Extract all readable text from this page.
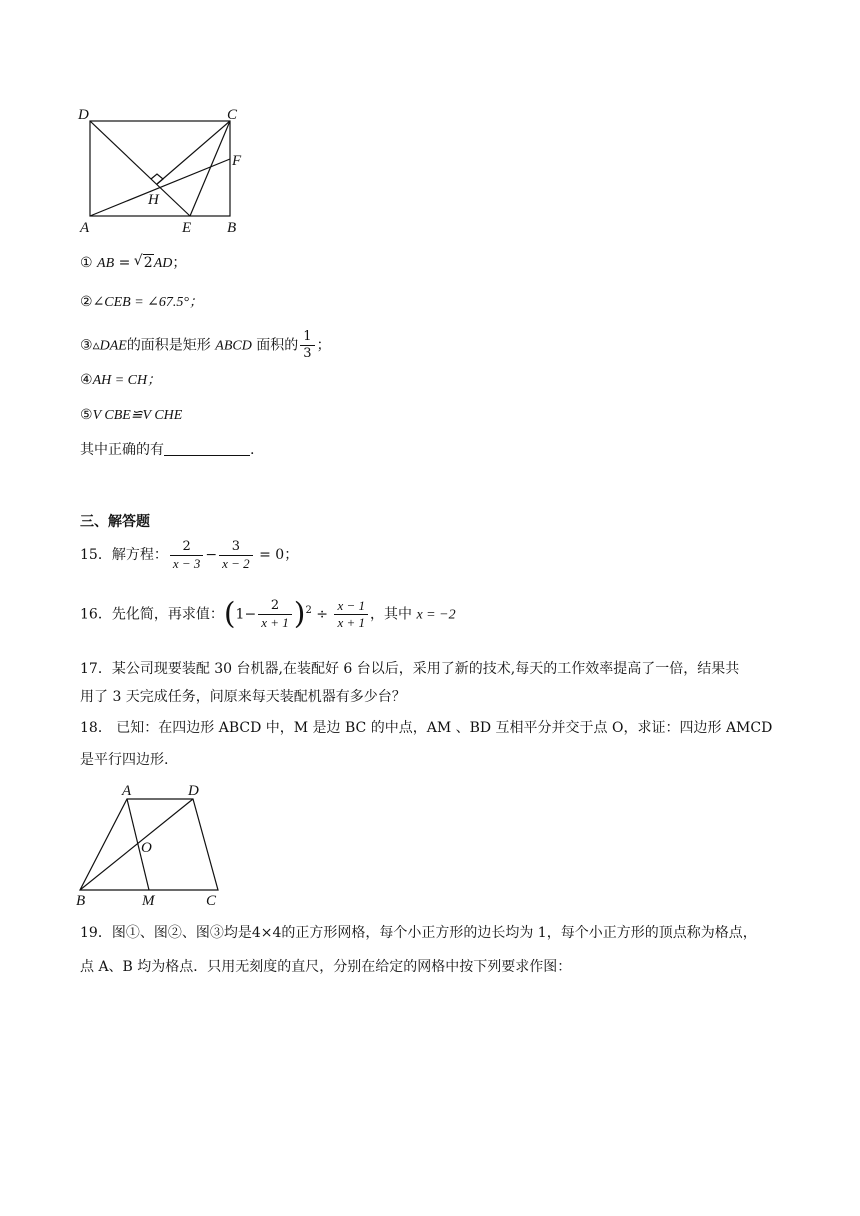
D	C
F
H
A	E B
① AB = √ 2AD；
②∠CEB = ∠67.5°；
③▵DAE的面积是矩形 ABCD 面积的 $\frac{1}{3}$ ；
④AH = CH；
⑤V CBE≌V CHE
其中正确的有	.
三、解答题
15．解方程： $\frac{2}{x - 3} - \frac{3}{x - 2} = 0$；
16．先化简，再求值：$(1- \frac{2}{x + 1} )^2 \div \frac{x - 1}{x + 1}$ ，其中 x = −2
17．某公司现要装配 30 台机器,在装配好 6 台以后，采用了新的技术,每天的工作效率提高了一倍，结果共
用了 3 天完成任务，问原来每天装配机器有多少台？
18． 已知：在四边形 ABCD 中，M 是边 BC 的中点，AM 、BD 互相平分并交于点 O，求证：四边形 AMCD
是平行四边形.
A	D
O
B	M	C
19．图①、图②、图③均是4×4的正方形网格，每个小正方形的边长均为 1，每个小正方形的顶点称为格点，
点 A、B 均为格点．只用无刻度的直尺，分别在给定的网格中按下列要求作图：
